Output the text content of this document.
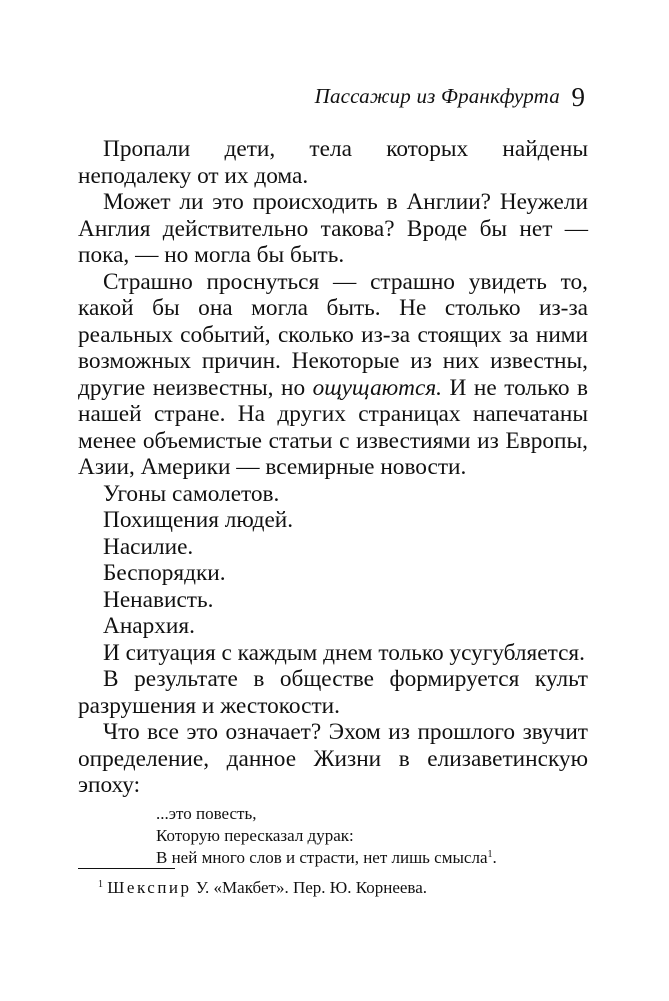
Пассажир из Франкфурта 9

Пропали дети, тела которых найдены неподалеку от их дома.

Может ли это происходить в Англии? Неужели Англия действительно такова? Вроде бы нет — пока, — но могла бы быть.

Страшно проснуться — страшно увидеть то, какой бы она могла быть. Не столько из-за реальных событий, сколько из-за стоящих за ними возможных причин. Некоторые из них известны, другие неизвестны, но ощущаются. И не только в нашей стране. На других страницах напечатаны менее объемистые статьи с известиями из Европы, Азии, Америки — всемирные новости.

Угоны самолетов.

Похищения людей.

Насилие.

Беспорядки.

Ненависть.

Анархия.

И ситуация с каждым днем только усугубляется.

В результате в обществе формируется культ разрушения и жестокости.

Что все это означает? Эхом из прошлого звучит определение, данное Жизни в елизаветинскую эпоху:

...это повесть,
Которую пересказал дурак:
В ней много слов и страсти, нет лишь смысла$^1$.
$^1$ Шекспир У. «Макбет». Пер. Ю. Корнеева.
